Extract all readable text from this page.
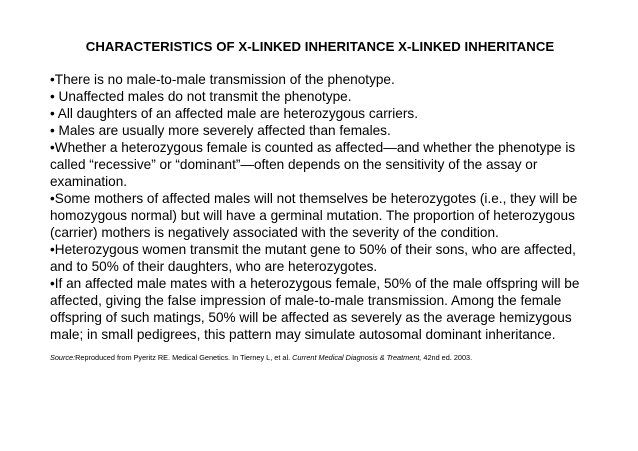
CHARACTERISTICS OF X-LINKED INHERITANCE X-LINKED INHERITANCE

•There is no male-to-male transmission of the phenotype.

• Unaffected males do not transmit the phenotype.

• All daughters of an affected male are heterozygous carriers.

• Males are usually more severely affected than females.

•Whether a heterozygous female is counted as affected—and whether the phenotype is called “recessive” or “dominant”—often depends on the sensitivity of the assay or examination.

•Some mothers of affected males will not themselves be heterozygotes (i.e., they will be homozygous normal) but will have a germinal mutation. The proportion of heterozygous (carrier) mothers is negatively associated with the severity of the condition.

•Heterozygous women transmit the mutant gene to 50% of their sons, who are affected, and to 50% of their daughters, who are heterozygotes.

•If an affected male mates with a heterozygous female, 50% of the male offspring will be affected, giving the false impression of male-to-male transmission. Among the female offspring of such matings, 50% will be affected as severely as the average hemizygous male; in small pedigrees, this pattern may simulate autosomal dominant inheritance.

Source:Reproduced from Pyeritz RE. Medical Genetics. In Tierney L, et al. Current Medical Diagnosis & Treatment, 42nd ed. 2003.
